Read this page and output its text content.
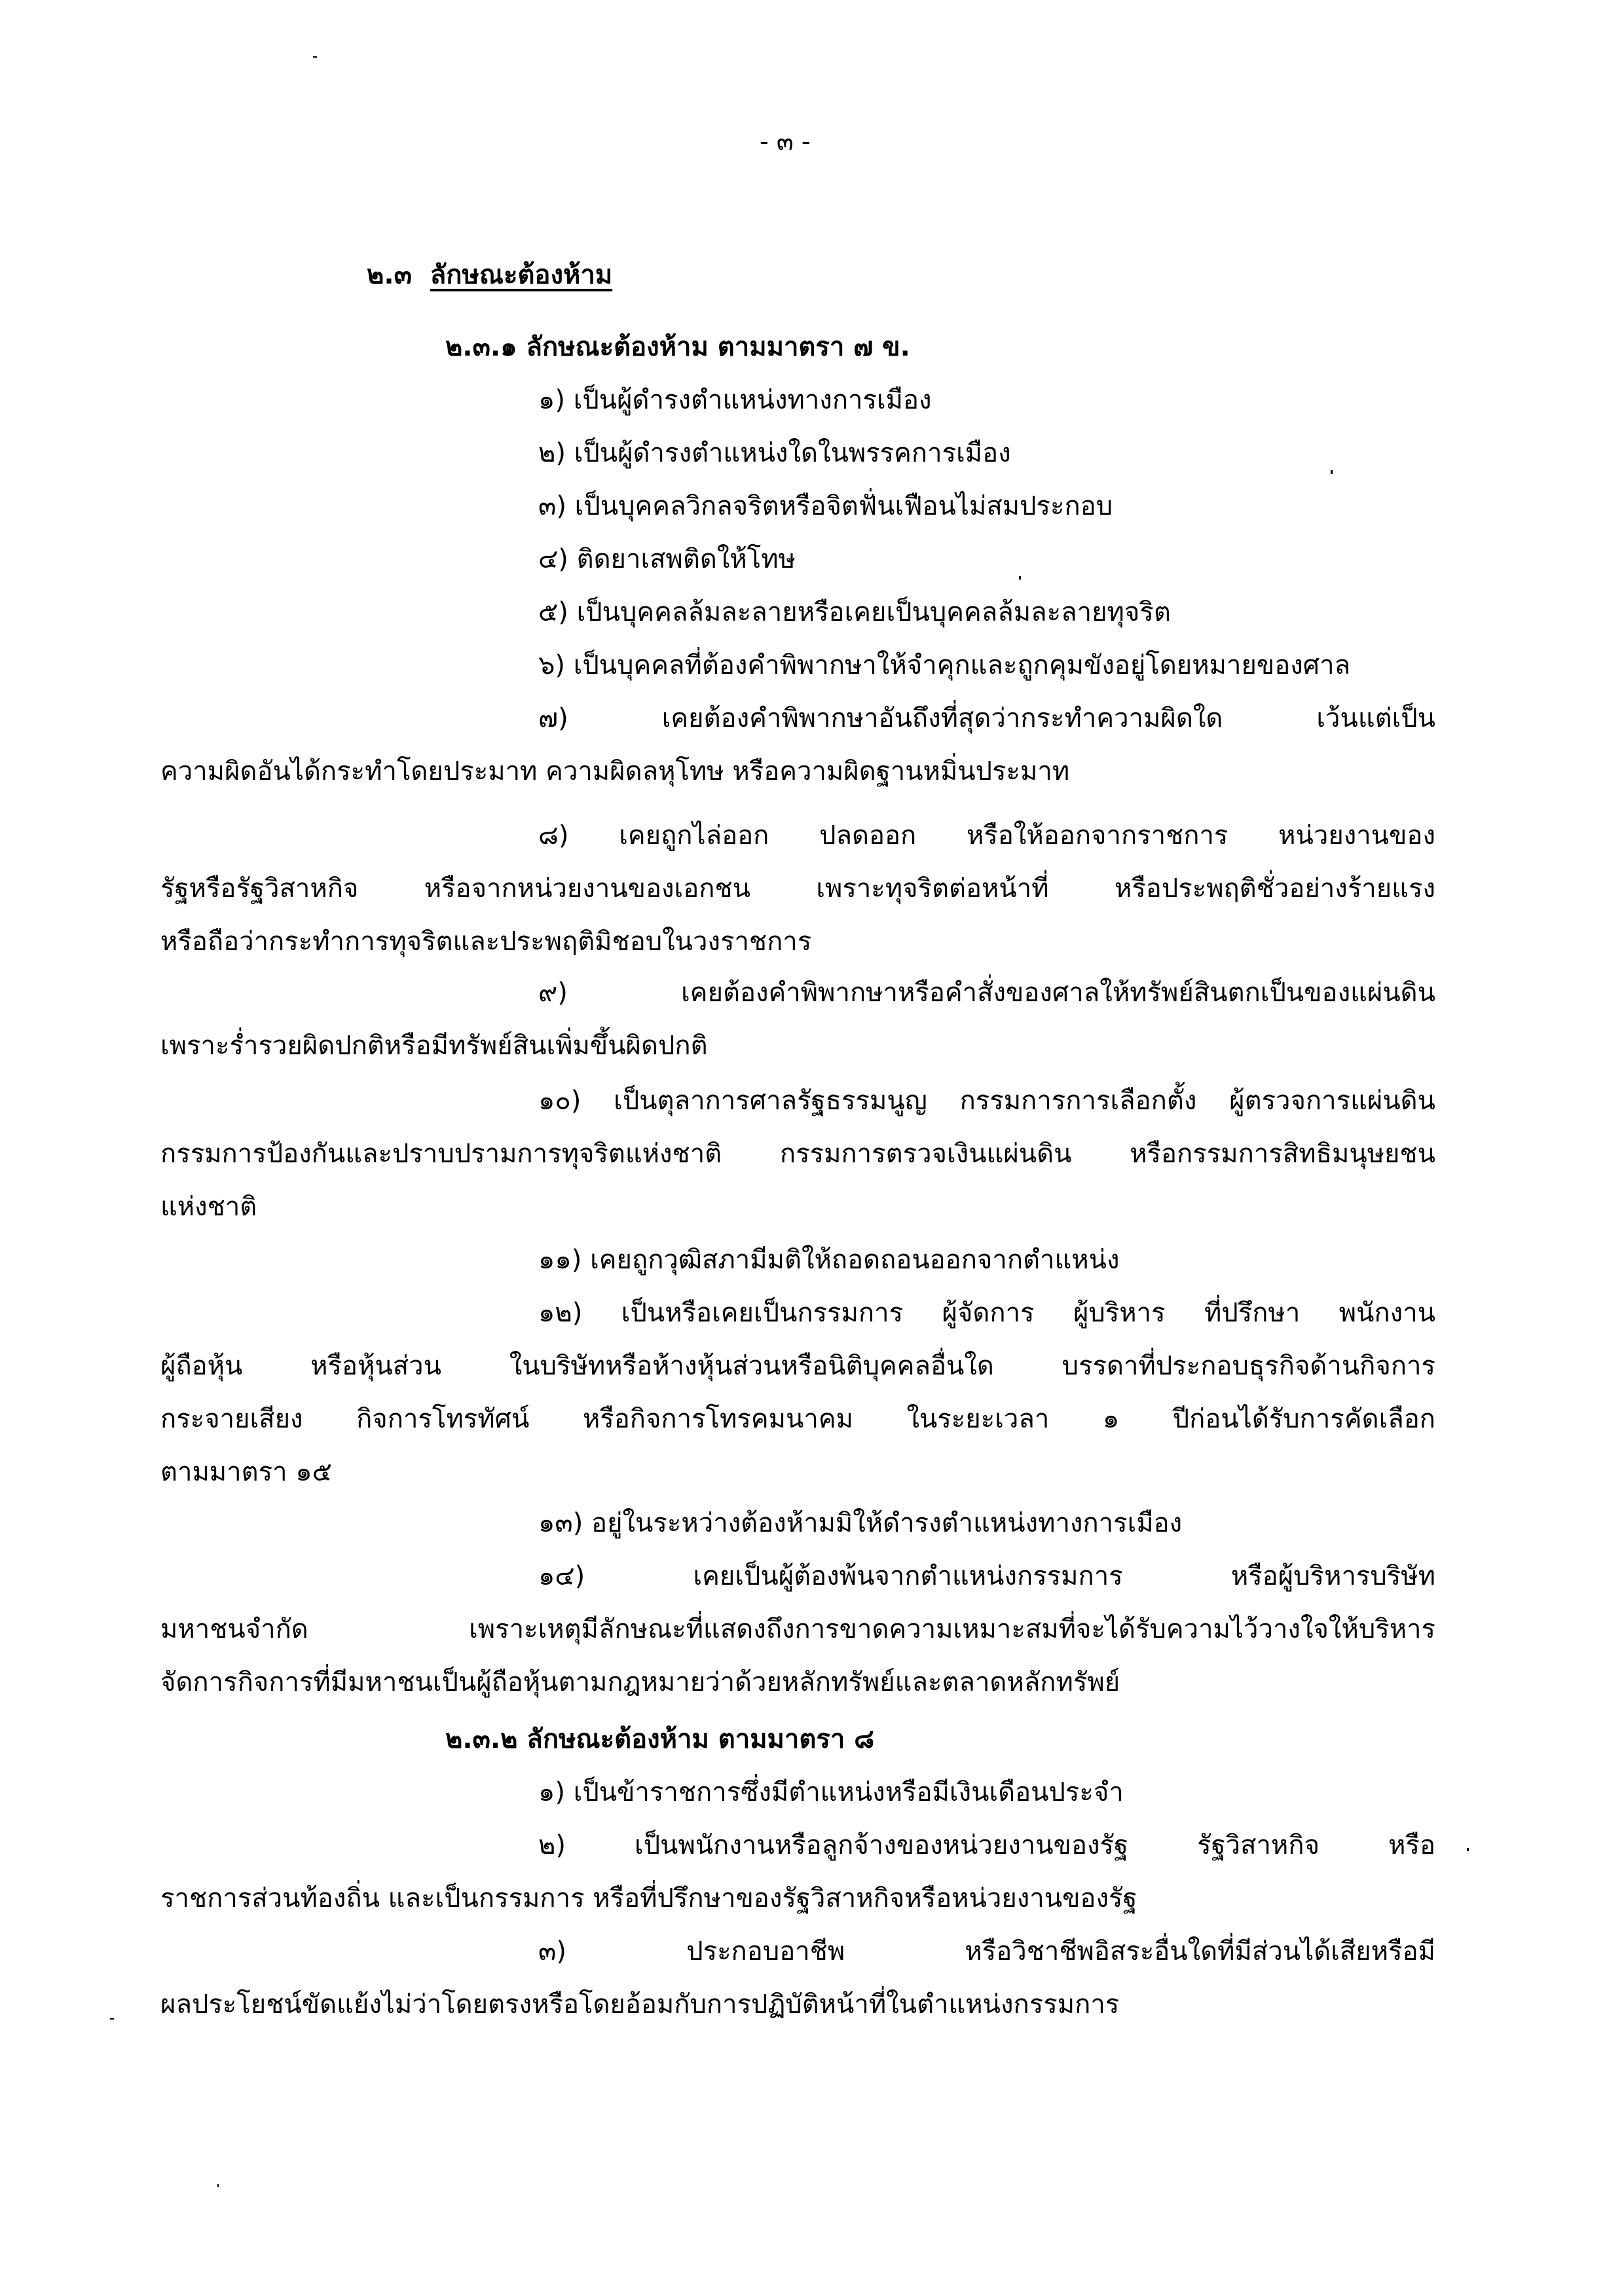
- ๓ -
๒.๓ ลักษณะต้องห้าม
๒.๓.๑ ลักษณะต้องห้าม ตามมาตรา ๗ ข.
๑) เป็นผู้ดำรงตำแหน่งทางการเมือง
๒) เป็นผู้ดำรงตำแหน่งใดในพรรคการเมือง
๓) เป็นบุคคลวิกลจริตหรือจิตฟั่นเฟือนไม่สมประกอบ
๔) ติดยาเสพติดให้โทษ
๕) เป็นบุคคลล้มละลายหรือเคยเป็นบุคคลล้มละลายทุจริต
๖) เป็นบุคคลที่ต้องคำพิพากษาให้จำคุกและถูกคุมขังอยู่โดยหมายของศาล
๗) เคยต้องคำพิพากษาอันถึงที่สุดว่ากระทำความผิดใด เว้นแต่เป็น
ความผิดอันได้กระทำโดยประมาท ความผิดลหุโทษ หรือความผิดฐานหมิ่นประมาท
๘) เคยถูกไล่ออก ปลดออก หรือให้ออกจากราชการ หน่วยงานของ
รัฐหรือรัฐวิสาหกิจ หรือจากหน่วยงานของเอกชน เพราะทุจริตต่อหน้าที่ หรือประพฤติชั่วอย่างร้ายแรง
หรือถือว่ากระทำการทุจริตและประพฤติมิชอบในวงราชการ
๙) เคยต้องคำพิพากษาหรือคำสั่งของศาลให้ทรัพย์สินตกเป็นของแผ่นดิน
เพราะร่ำรวยผิดปกติหรือมีทรัพย์สินเพิ่มขึ้นผิดปกติ
๑๐) เป็นตุลาการศาลรัฐธรรมนูญ กรรมการการเลือกตั้ง ผู้ตรวจการแผ่นดิน
กรรมการป้องกันและปราบปรามการทุจริตแห่งชาติ กรรมการตรวจเงินแผ่นดิน หรือกรรมการสิทธิมนุษยชน
แห่งชาติ
๑๑) เคยถูกวุฒิสภามีมติให้ถอดถอนออกจากตำแหน่ง
๑๒) เป็นหรือเคยเป็นกรรมการ ผู้จัดการ ผู้บริหาร ที่ปรึกษา พนักงาน
ผู้ถือหุ้น หรือหุ้นส่วน ในบริษัทหรือห้างหุ้นส่วนหรือนิติบุคคลอื่นใด บรรดาที่ประกอบธุรกิจด้านกิจการ
กระจายเสียง กิจการโทรทัศน์ หรือกิจการโทรคมนาคม ในระยะเวลา ๑ ปีก่อนได้รับการคัดเลือก
ตามมาตรา ๑๕
๑๓) อยู่ในระหว่างต้องห้ามมิให้ดำรงตำแหน่งทางการเมือง
๑๔) เคยเป็นผู้ต้องพ้นจากตำแหน่งกรรมการ หรือผู้บริหารบริษัท
มหาชนจำกัด เพราะเหตุมีลักษณะที่แสดงถึงการขาดความเหมาะสมที่จะได้รับความไว้วางใจให้บริหาร
จัดการกิจการที่มีมหาชนเป็นผู้ถือหุ้นตามกฎหมายว่าด้วยหลักทรัพย์และตลาดหลักทรัพย์
๒.๓.๒ ลักษณะต้องห้าม ตามมาตรา ๘
๑) เป็นข้าราชการซึ่งมีตำแหน่งหรือมีเงินเดือนประจำ
๒) เป็นพนักงานหรือลูกจ้างของหน่วยงานของรัฐ รัฐวิสาหกิจ หรือ
ราชการส่วนท้องถิ่น และเป็นกรรมการ หรือที่ปรึกษาของรัฐวิสาหกิจหรือหน่วยงานของรัฐ
๓) ประกอบอาชีพ หรือวิชาชีพอิสระอื่นใดที่มีส่วนได้เสียหรือมี
ผลประโยชน์ขัดแย้งไม่ว่าโดยตรงหรือโดยอ้อมกับการปฏิบัติหน้าที่ในตำแหน่งกรรมการ
